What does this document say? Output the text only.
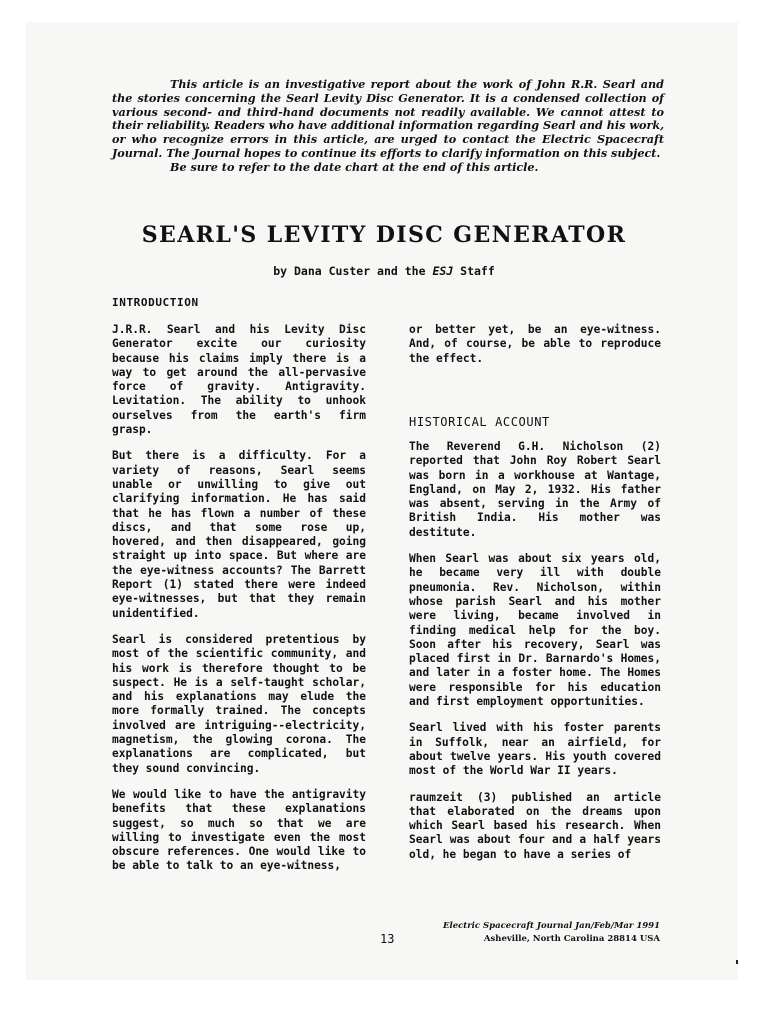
This article is an investigative report about the work of John R.R. Searl and the stories concerning the Searl Levity Disc Generator. It is a condensed collection of various second- and third-hand documents not readily available. We cannot attest to their reliability. Readers who have additional information regarding Searl and his work, or who recognize errors in this article, are urged to contact the Electric Spacecraft Journal. The Journal hopes to continue its efforts to clarify information on this subject.

Be sure to refer to the date chart at the end of this article.

SEARL'S LEVITY DISC GENERATOR
by Dana Custer and the ESJ Staff
INTRODUCTION

J.R.R. Searl and his Levity Disc Generator excite our curiosity because his claims imply there is a way to get around the all-pervasive force of gravity. Antigravity. Levitation. The ability to unhook ourselves from the earth's firm grasp.

But there is a difficulty. For a variety of reasons, Searl seems unable or unwilling to give out clarifying information. He has said that he has flown a number of these discs, and that some rose up, hovered, and then disappeared, going straight up into space. But where are the eye-witness accounts? The Barrett Report (1) stated there were indeed eye-witnesses, but that they remain unidentified.

Searl is considered pretentious by most of the scientific community, and his work is therefore thought to be suspect. He is a self-taught scholar, and his explanations may elude the more formally trained. The concepts involved are intriguing--electricity, magnetism, the glowing corona. The explanations are complicated, but they sound convincing.

We would like to have the antigravity benefits that these explanations suggest, so much so that we are willing to investigate even the most obscure references. One would like to be able to talk to an eye-witness,

or better yet, be an eye-witness. And, of course, be able to reproduce the effect.

HISTORICAL ACCOUNT

The Reverend G.H. Nicholson (2) reported that John Roy Robert Searl was born in a workhouse at Wantage, England, on May 2, 1932. His father was absent, serving in the Army of British India. His mother was destitute.

When Searl was about six years old, he became very ill with double pneumonia. Rev. Nicholson, within whose parish Searl and his mother were living, became involved in finding medical help for the boy. Soon after his recovery, Searl was placed first in Dr. Barnardo's Homes, and later in a foster home. The Homes were responsible for his education and first employment opportunities.

Searl lived with his foster parents in Suffolk, near an airfield, for about twelve years. His youth covered most of the World War II years.

raumzeit (3) published an article that elaborated on the dreams upon which Searl based his research. When Searl was about four and a half years old, he began to have a series of

13
Electric Spacecraft Journal Jan/Feb/Mar 1991
Asheville, North Carolina 28814 USA
